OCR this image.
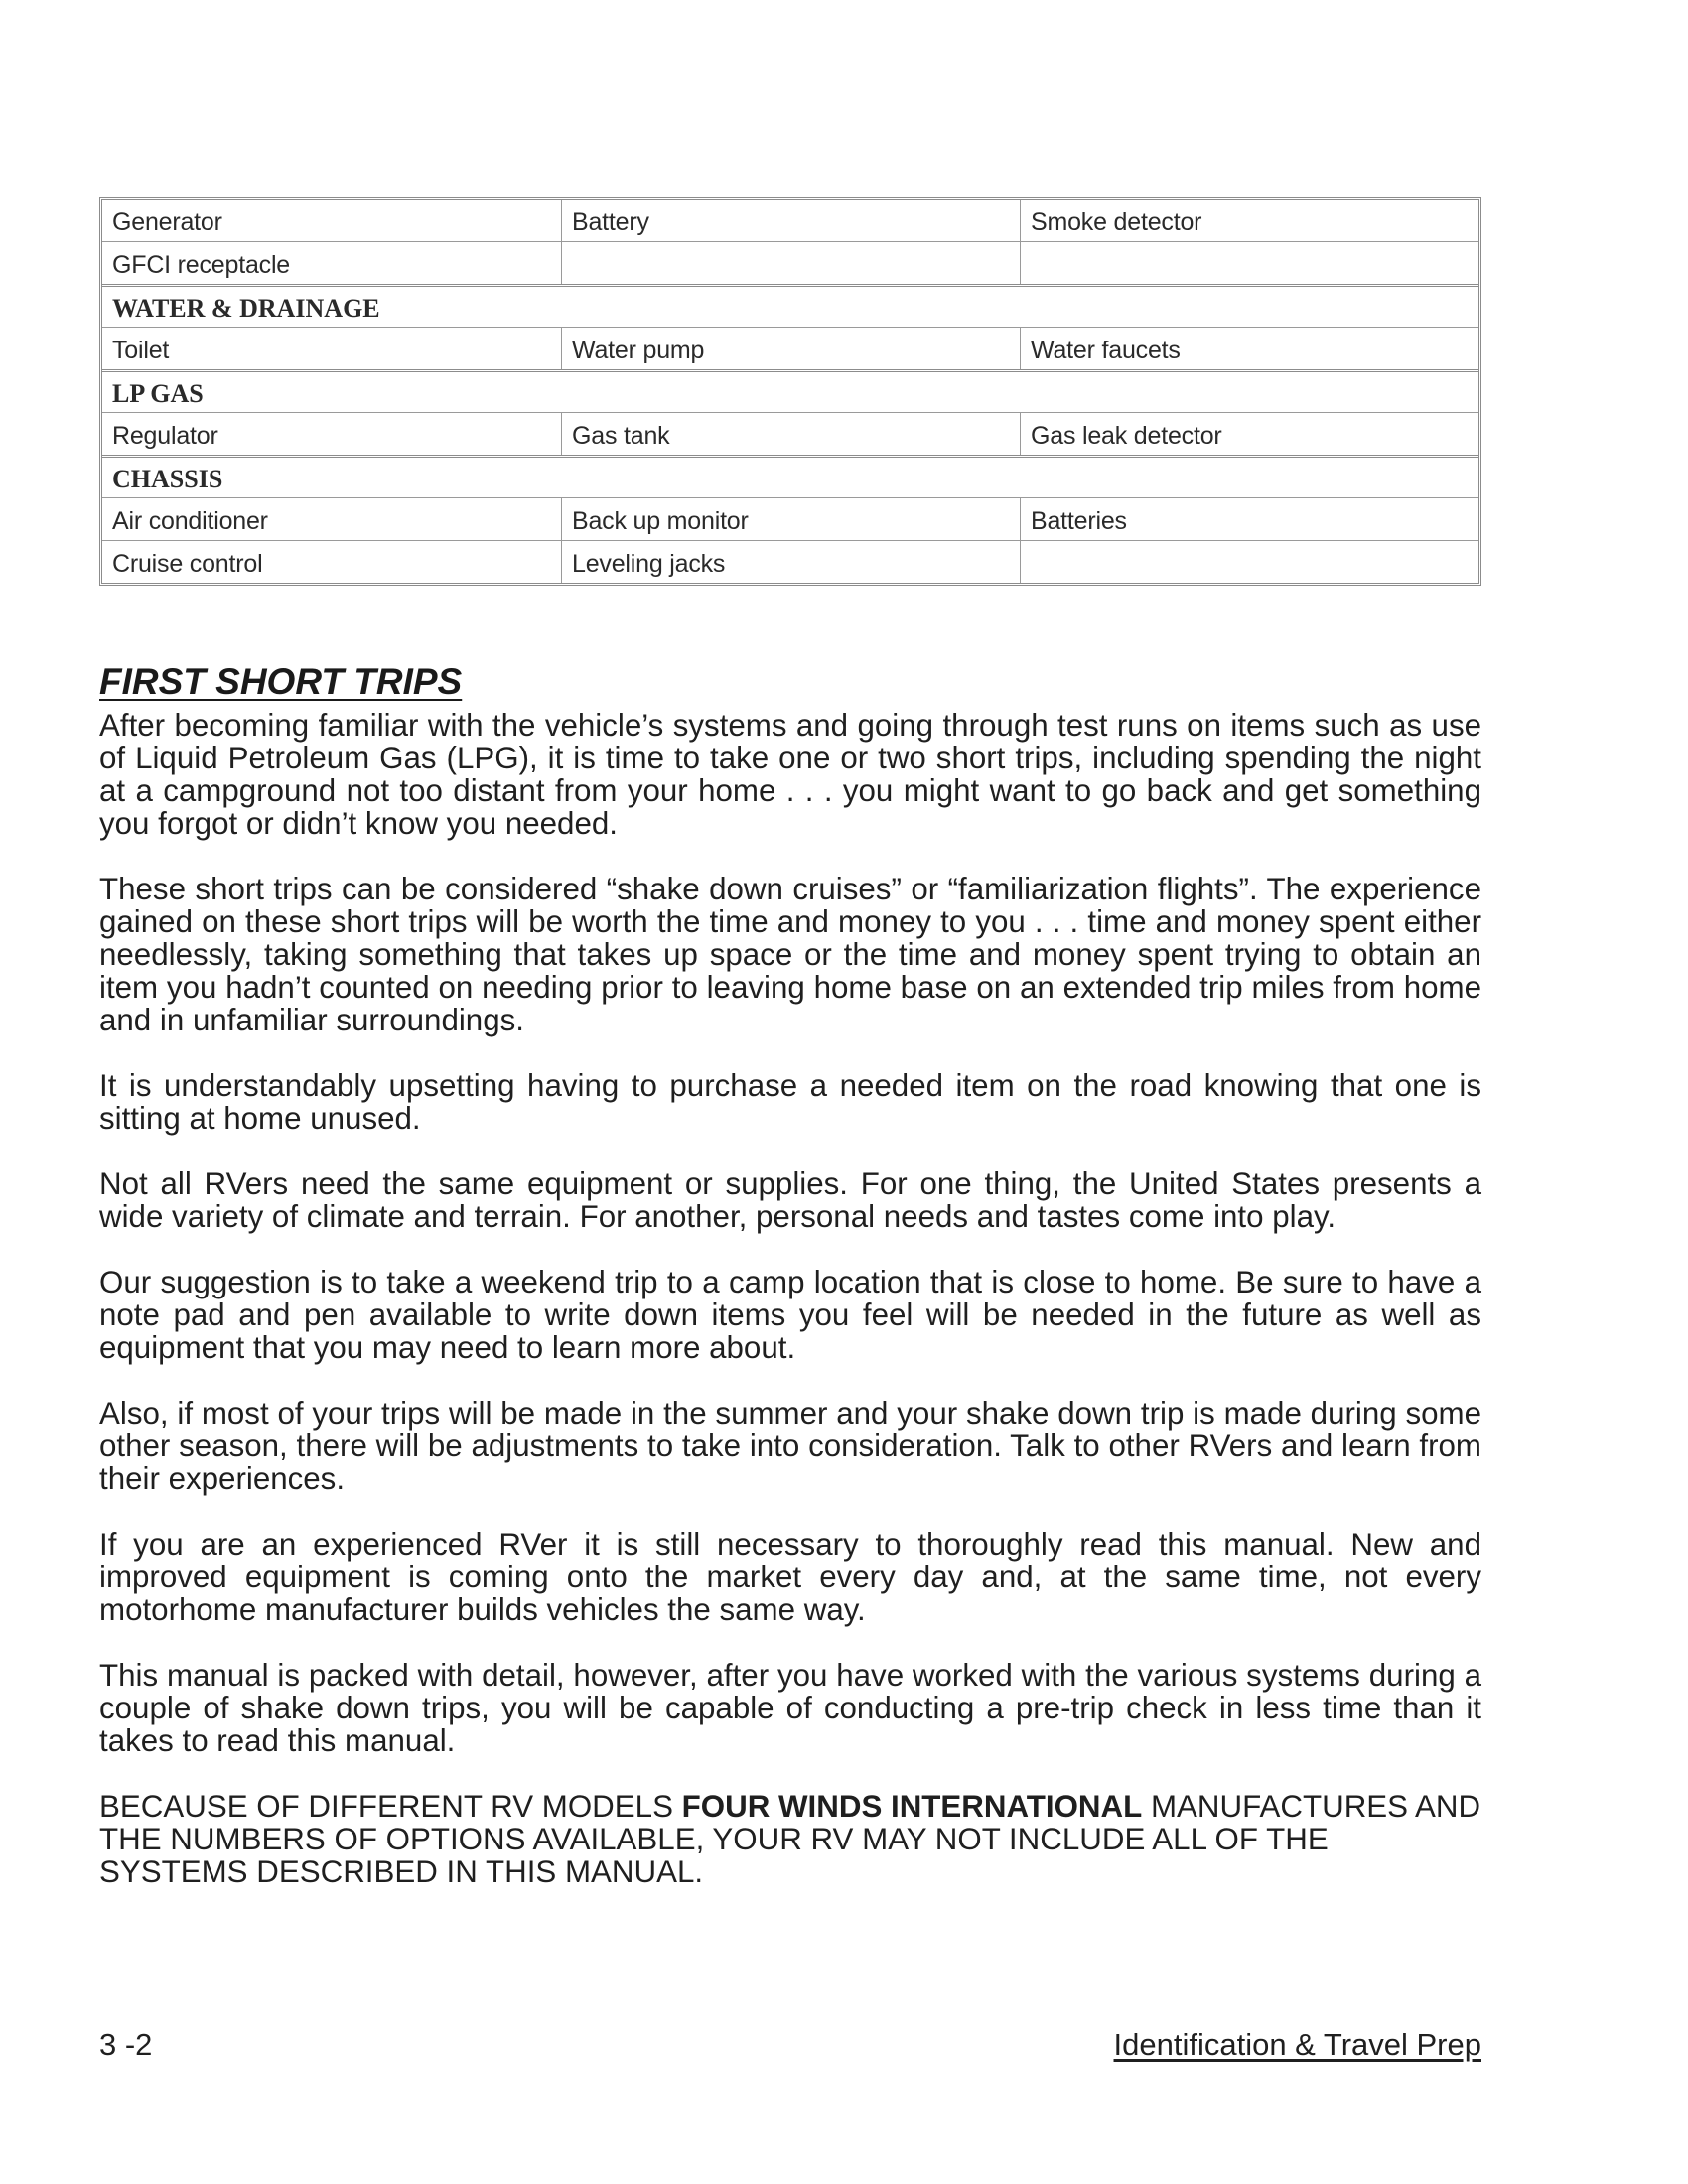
Generator	Battery	Smoke detector
GFCI receptacle
WATER & DRAINAGE
Toilet	Water pump	Water faucets
LP GAS
Regulator	Gas tank	Gas leak detector
CHASSIS
Air conditioner	Back up monitor	Batteries
Cruise control	Leveling jacks
FIRST SHORT TRIPS

After becoming familiar with the vehicle’s systems and going through test runs on items such as use of Liquid Petroleum Gas (LPG), it is time to take one or two short trips, including spending the night at a campground not too distant from your home . . . you might want to go back and get something you forgot or didn’t know you needed.

These short trips can be considered “shake down cruises” or “familiarization flights”. The experience gained on these short trips will be worth the time and money to you . . . time and money spent either needlessly, taking something that takes up space or the time and money spent trying to obtain an item you hadn’t counted on needing prior to leaving home base on an extended trip miles from home and in unfamiliar surroundings.

It is understandably upsetting having to purchase a needed item on the road knowing that one is sitting at home unused.

Not all RVers need the same equipment or supplies. For one thing, the United States presents a wide variety of climate and terrain. For another, personal needs and tastes come into play.

Our suggestion is to take a weekend trip to a camp location that is close to home. Be sure to have a note pad and pen available to write down items you feel will be needed in the future as well as equipment that you may need to learn more about.

Also, if most of your trips will be made in the summer and your shake down trip is made during some other season, there will be adjustments to take into consideration. Talk to other RVers and learn from their experiences.

If you are an experienced RVer it is still necessary to thoroughly read this manual. New and improved equipment is coming onto the market every day and, at the same time, not every motorhome manufacturer builds vehicles the same way.

This manual is packed with detail, however, after you have worked with the various systems during a couple of shake down trips, you will be capable of conducting a pre-trip check in less time than it takes to read this manual.

BECAUSE OF DIFFERENT RV MODELS FOUR WINDS INTERNATIONAL MANUFACTURES AND THE NUMBERS OF OPTIONS AVAILABLE, YOUR RV MAY NOT INCLUDE ALL OF THE SYSTEMS DESCRIBED IN THIS MANUAL.

3 -2	Identification & Travel Prep
